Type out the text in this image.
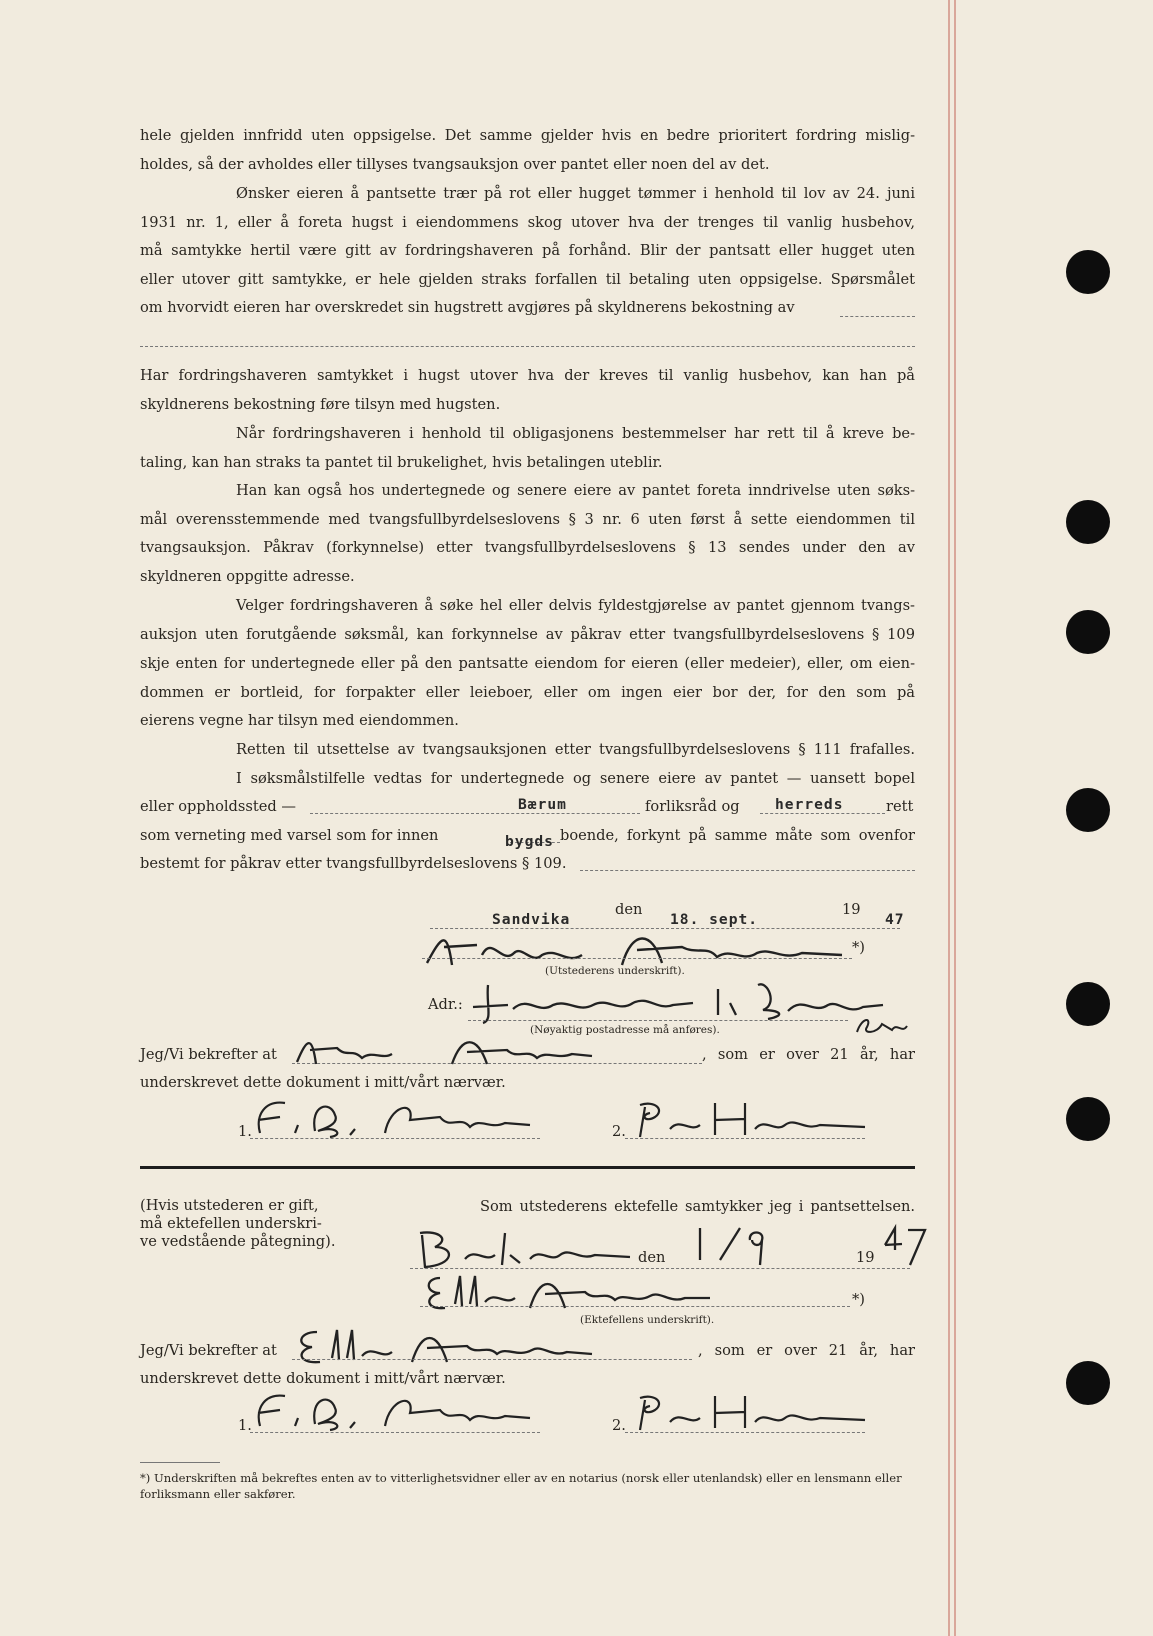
hele gjelden innfridd uten oppsigelse. Det samme gjelder hvis en bedre prioritert fordring mislig-
holdes, så der avholdes eller tillyses tvangsauksjon over pantet eller noen del av det.
Ønsker eieren å pantsette trær på rot eller hugget tømmer i henhold til lov av 24. juni
1931 nr. 1, eller å foreta hugst i eiendommens skog utover hva der trenges til vanlig husbehov,
må samtykke hertil være gitt av fordringshaveren på forhånd. Blir der pantsatt eller hugget uten
eller utover gitt samtykke, er hele gjelden straks forfallen til betaling uten oppsigelse. Spørsmålet
om hvorvidt eieren har overskredet sin hugstrett avgjøres på skyldnerens bekostning av
Har fordringshaveren samtykket i hugst utover hva der kreves til vanlig husbehov, kan han på
skyldnerens bekostning føre tilsyn med hugsten.
Når fordringshaveren i henhold til obligasjonens bestemmelser har rett til å kreve be-
taling, kan han straks ta pantet til brukelighet, hvis betalingen uteblir.
Han kan også hos undertegnede og senere eiere av pantet foreta inndrivelse uten søks-
mål overensstemmende med tvangsfullbyrdelseslovens § 3 nr. 6 uten først å sette eiendommen til
tvangsauksjon. Påkrav (forkynnelse) etter tvangsfullbyrdelseslovens § 13 sendes under den av
skyldneren oppgitte adresse.
Velger fordringshaveren å søke hel eller delvis fyldestgjørelse av pantet gjennom tvangs-
auksjon uten forutgående søksmål, kan forkynnelse av påkrav etter tvangsfullbyrdelseslovens § 109
skje enten for undertegnede eller på den pantsatte eiendom for eieren (eller medeier), eller, om eien-
dommen er bortleid, for forpakter eller leieboer, eller om ingen eier bor der, for den som på
eierens vegne har tilsyn med eiendommen.
Retten til utsettelse av tvangsauksjonen etter tvangsfullbyrdelseslovens § 111 frafalles.
I søksmålstilfelle vedtas for undertegnede og senere eiere av pantet — uansett bopel
eller oppholdssted —	Bærum	forliksråd og herreds	rett
som verneting med varsel som for innen	bygds boende, forkynt på samme måte som ovenfor
bestemt for påkrav etter tvangsfullbyrdelseslovens § 109.
Sandvika
den
18. sept.
19
47
*)
(Utstederens underskrift).
Adr.:
(Nøyaktig postadresse må anføres).
Jeg/Vi bekrefter at	, som er over 21 år, har
underskrevet dette dokument i mitt/vårt nærvær.
1.	2.
(Hvis utstederen er gift,
må ektefellen underskri-
ve vedstående påtegning).
Som utstederens ektefelle samtykker jeg i pantsettelsen.
den	19
*)
(Ektefellens underskrift).
Jeg/Vi bekrefter at	, som er over 21 år, har
underskrevet dette dokument i mitt/vårt nærvær.
1.	2.
*) Underskriften må bekreftes enten av to vitterlighetsvidner eller av en notarius (norsk eller utenlandsk) eller en lensmann eller forliksmann eller sakfører.
